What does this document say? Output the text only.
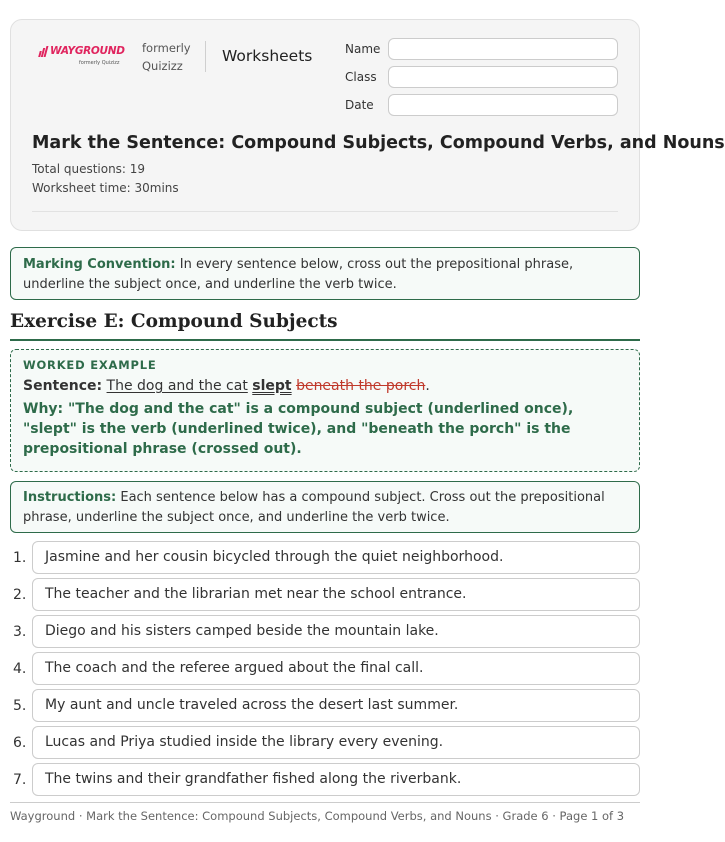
WAYGROUND
formerly Quizizz
formerly
Quizizz
Worksheets	Name
Class
Date
Mark the Sentence: Compound Subjects, Compound Verbs, and Nouns
Total questions: 19
Worksheet time: 30mins
Marking Convention: In every sentence below, cross out the prepositional phrase, underline the subject once, and underline the verb twice.
Exercise E: Compound Subjects
WORKED EXAMPLE
Sentence: The dog and the cat slept beneath the porch.
Why: "The dog and the cat" is a compound subject (underlined once), "slept" is the verb (underlined twice), and "beneath the porch" is the prepositional phrase (crossed out).
Instructions: Each sentence below has a compound subject. Cross out the prepositional phrase, underline the subject once, and underline the verb twice.
1.	Jasmine and her cousin bicycled through the quiet neighborhood.
2.	The teacher and the librarian met near the school entrance.
3.	Diego and his sisters camped beside the mountain lake.
4.	The coach and the referee argued about the final call.
5.	My aunt and uncle traveled across the desert last summer.
6.	Lucas and Priya studied inside the library every evening.
7.	The twins and their grandfather fished along the riverbank.
Wayground · Mark the Sentence: Compound Subjects, Compound Verbs, and Nouns · Grade 6 · Page 1 of 3
